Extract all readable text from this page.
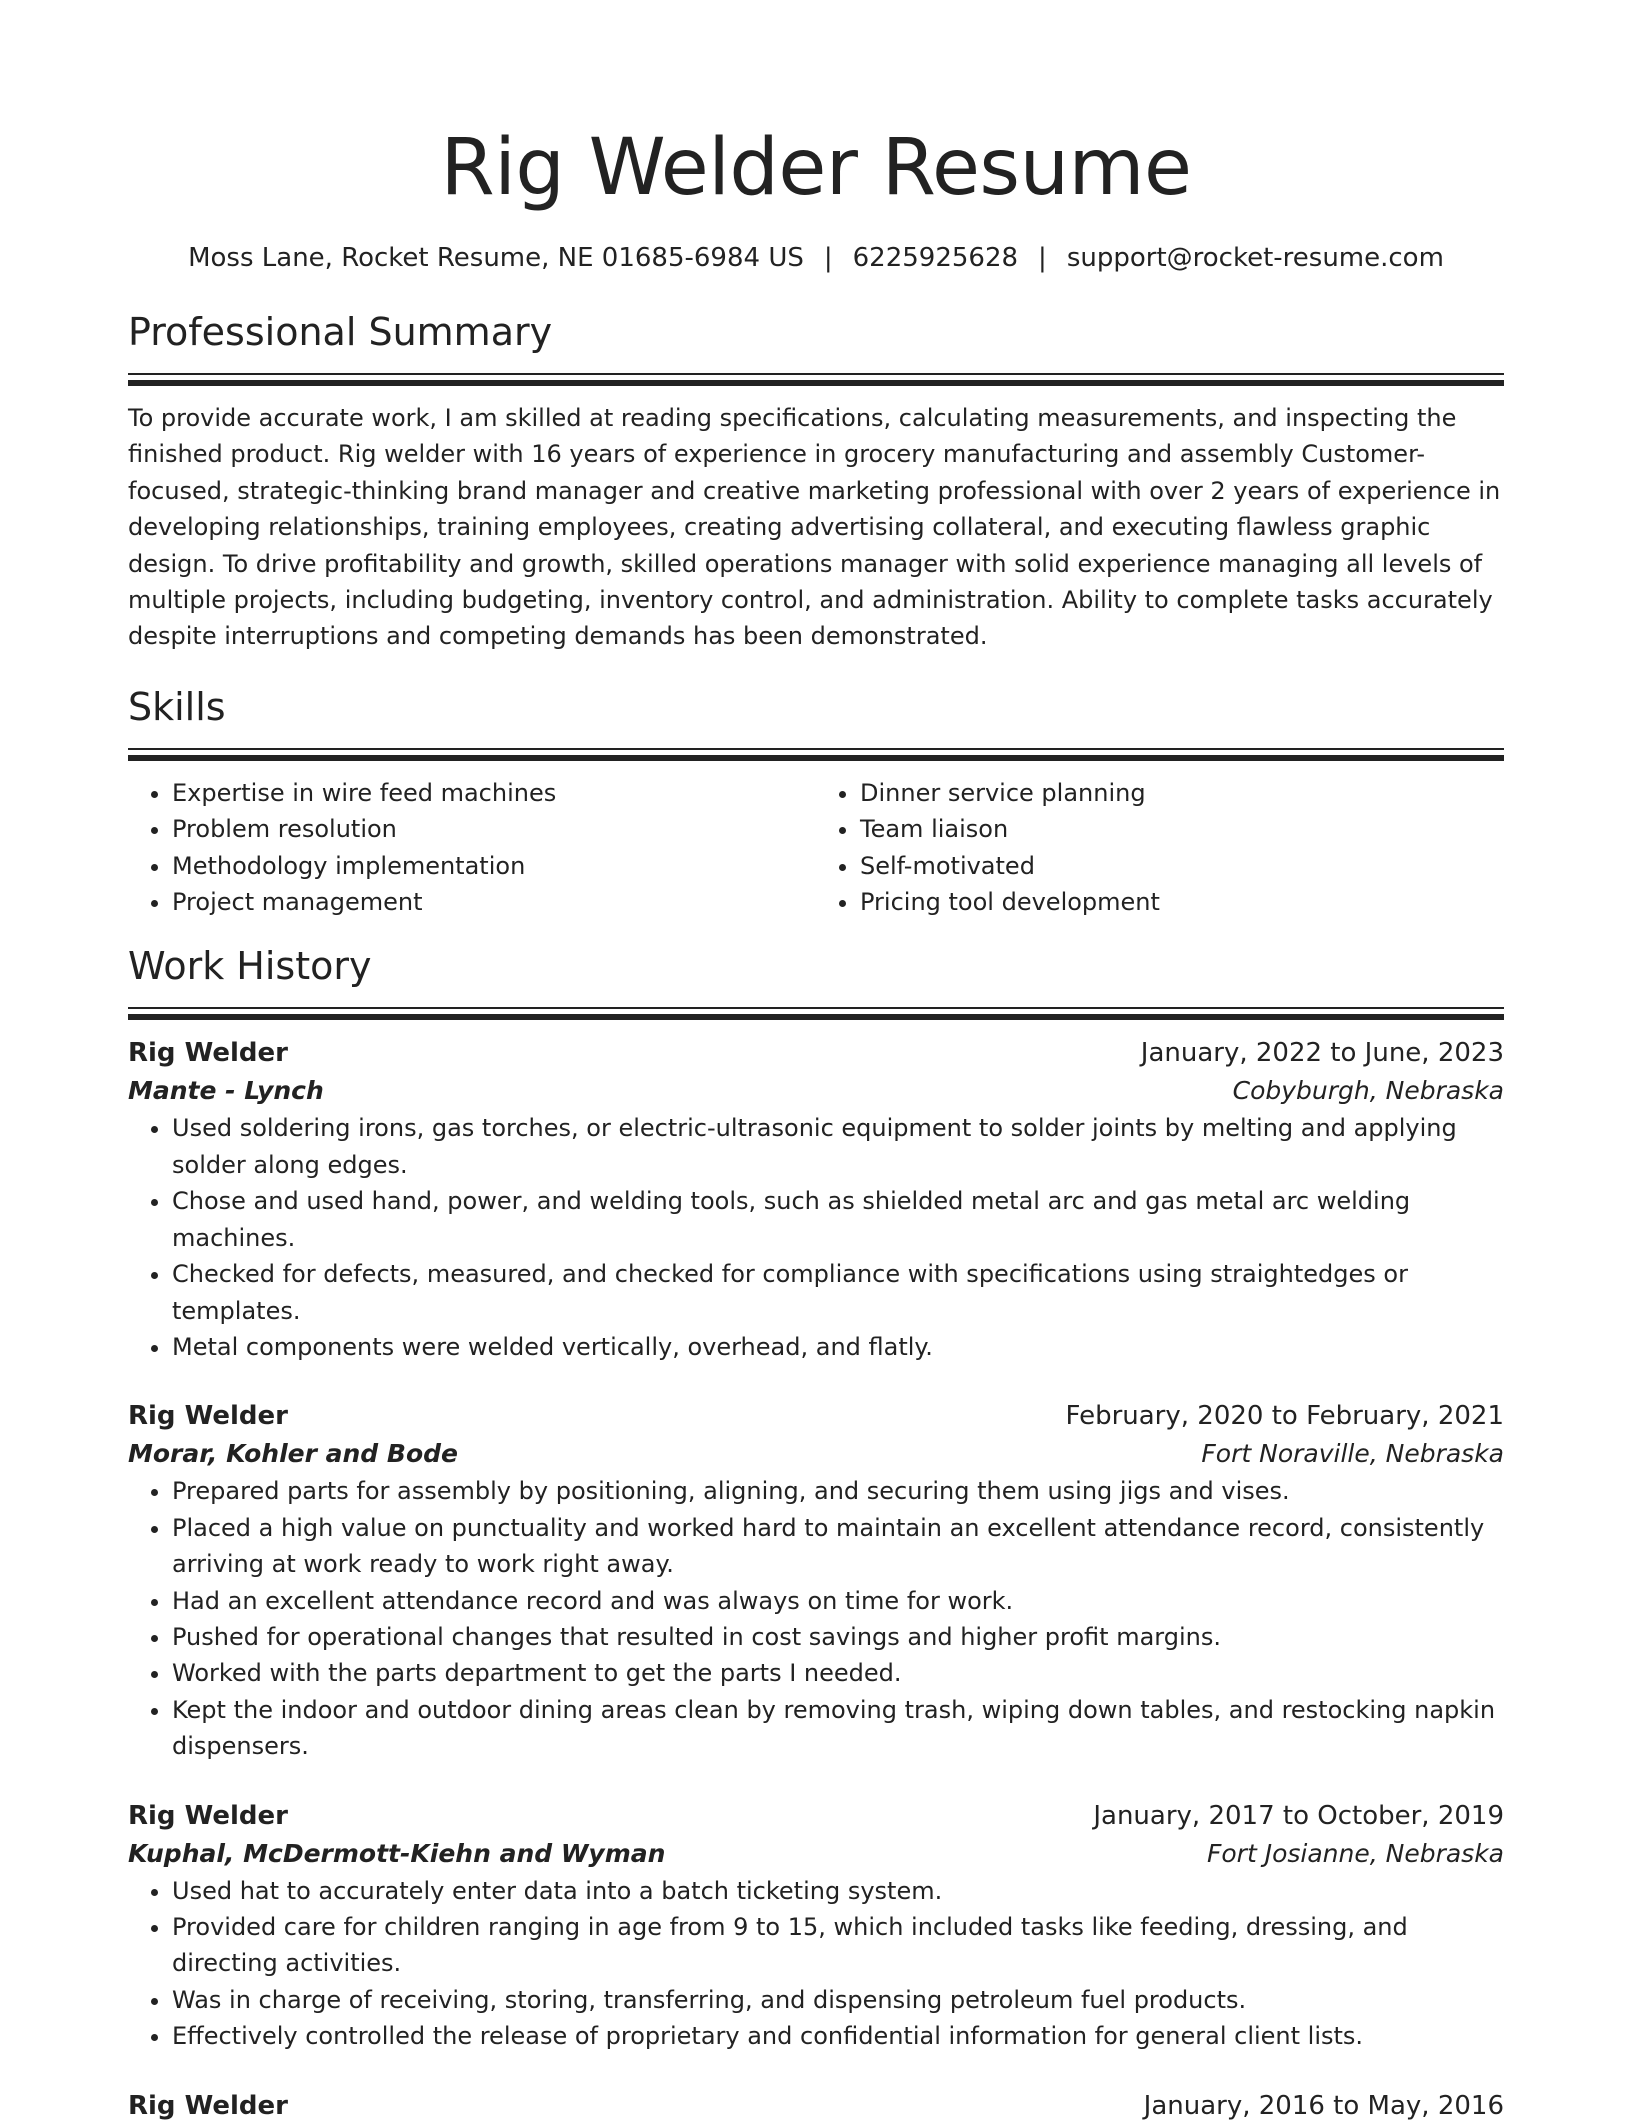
Rig Welder Resume
Moss Lane, Rocket Resume, NE 01685-6984 US | 6225925628 | support@rocket-resume.com
Professional Summary

To provide accurate work, I am skilled at reading specifications, calculating measurements, and inspecting the finished product. Rig welder with 16 years of experience in grocery manufacturing and assembly Customer-focused, strategic-thinking brand manager and creative marketing professional with over 2 years of experience in developing relationships, training employees, creating advertising collateral, and executing flawless graphic design. To drive profitability and growth, skilled operations manager with solid experience managing all levels of multiple projects, including budgeting, inventory control, and administration. Ability to complete tasks accurately despite interruptions and competing demands has been demonstrated.

Skills
• Expertise in wire feed machines
• Problem resolution
• Methodology implementation
• Project management
• Dinner service planning
• Team liaison
• Self-motivated
• Pricing tool development
Work History
Rig Welder	January, 2022 to June, 2023
Mante - Lynch	Cobyburgh, Nebraska
• Used soldering irons, gas torches, or electric-ultrasonic equipment to solder joints by melting and applying solder along edges.
• Chose and used hand, power, and welding tools, such as shielded metal arc and gas metal arc welding machines.
• Checked for defects, measured, and checked for compliance with specifications using straightedges or templates.
• Metal components were welded vertically, overhead, and flatly.
Rig Welder	February, 2020 to February, 2021
Morar, Kohler and Bode	Fort Noraville, Nebraska
• Prepared parts for assembly by positioning, aligning, and securing them using jigs and vises.
• Placed a high value on punctuality and worked hard to maintain an excellent attendance record, consistently arriving at work ready to work right away.
• Had an excellent attendance record and was always on time for work.
• Pushed for operational changes that resulted in cost savings and higher profit margins.
• Worked with the parts department to get the parts I needed.
• Kept the indoor and outdoor dining areas clean by removing trash, wiping down tables, and restocking napkin dispensers.
Rig Welder	January, 2017 to October, 2019
Kuphal, McDermott-Kiehn and Wyman	Fort Josianne, Nebraska
• Used hat to accurately enter data into a batch ticketing system.
• Provided care for children ranging in age from 9 to 15, which included tasks like feeding, dressing, and directing activities.
• Was in charge of receiving, storing, transferring, and dispensing petroleum fuel products.
• Effectively controlled the release of proprietary and confidential information for general client lists.
Rig Welder	January, 2016 to May, 2016
